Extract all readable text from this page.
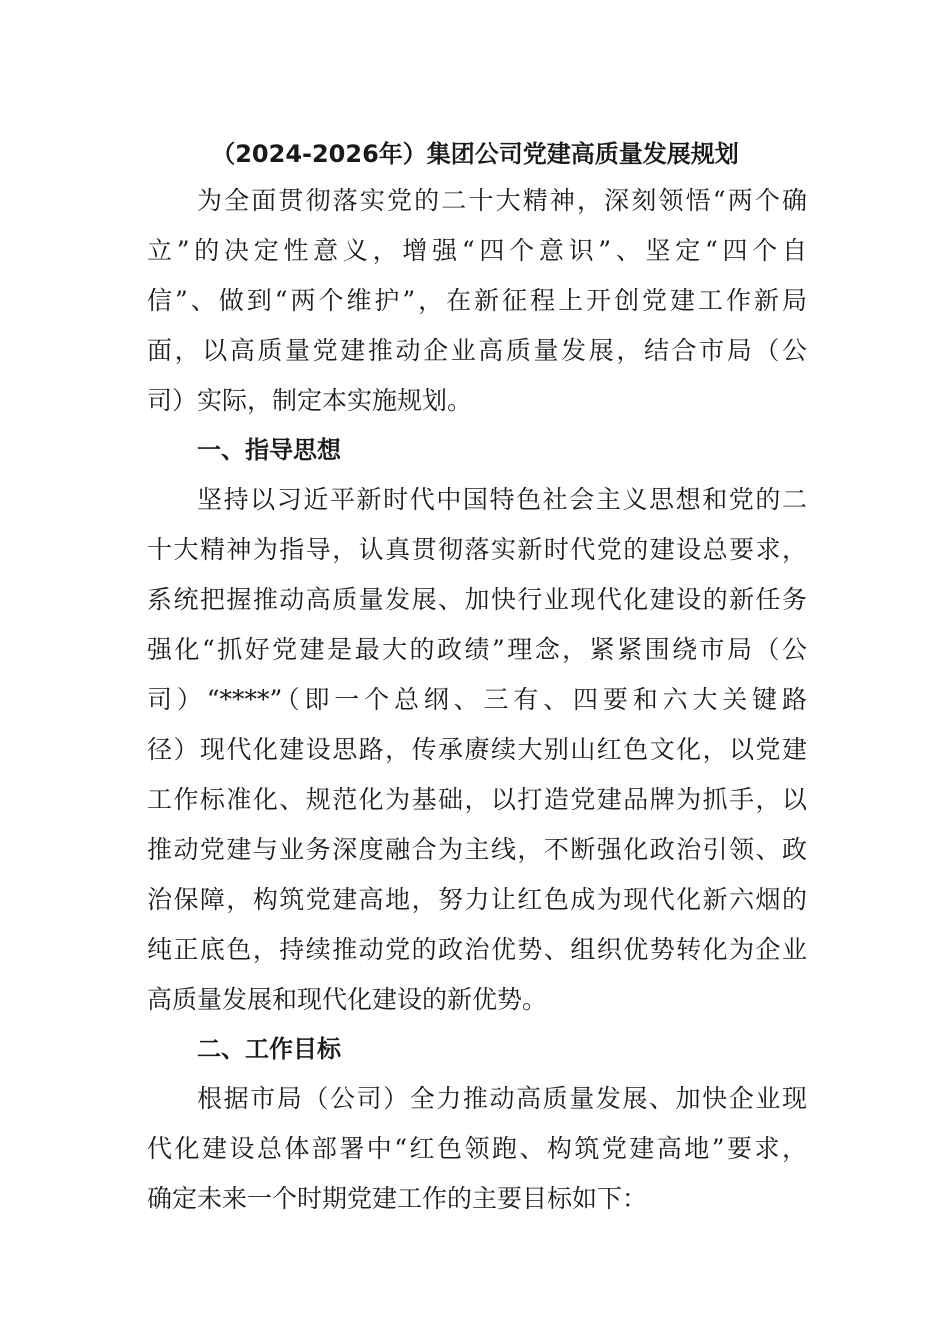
（2024-2026年）集团公司党建高质量发展规划
为全面贯彻落实党的二十大精神，深刻领悟“两个确
立”的决定性意义，增强“四个意识”、坚定“四个自
信”、做到“两个维护”，在新征程上开创党建工作新局
面，以高质量党建推动企业高质量发展，结合市局（公
司）实际，制定本实施规划。
一、指导思想
坚持以习近平新时代中国特色社会主义思想和党的二
十大精神为指导，认真贯彻落实新时代党的建设总要求，
系统把握推动高质量发展、加快行业现代化建设的新任务
强化“抓好党建是最大的政绩”理念，紧紧围绕市局（公
司）“****”（即一个总纲、三有、四要和六大关键路
径）现代化建设思路，传承赓续大别山红色文化，以党建
工作标准化、规范化为基础，以打造党建品牌为抓手，以
推动党建与业务深度融合为主线，不断强化政治引领、政
治保障，构筑党建高地，努力让红色成为现代化新六烟的
纯正底色，持续推动党的政治优势、组织优势转化为企业
高质量发展和现代化建设的新优势。
二、工作目标
根据市局（公司）全力推动高质量发展、加快企业现
代化建设总体部署中“红色领跑、构筑党建高地”要求，
确定未来一个时期党建工作的主要目标如下：
